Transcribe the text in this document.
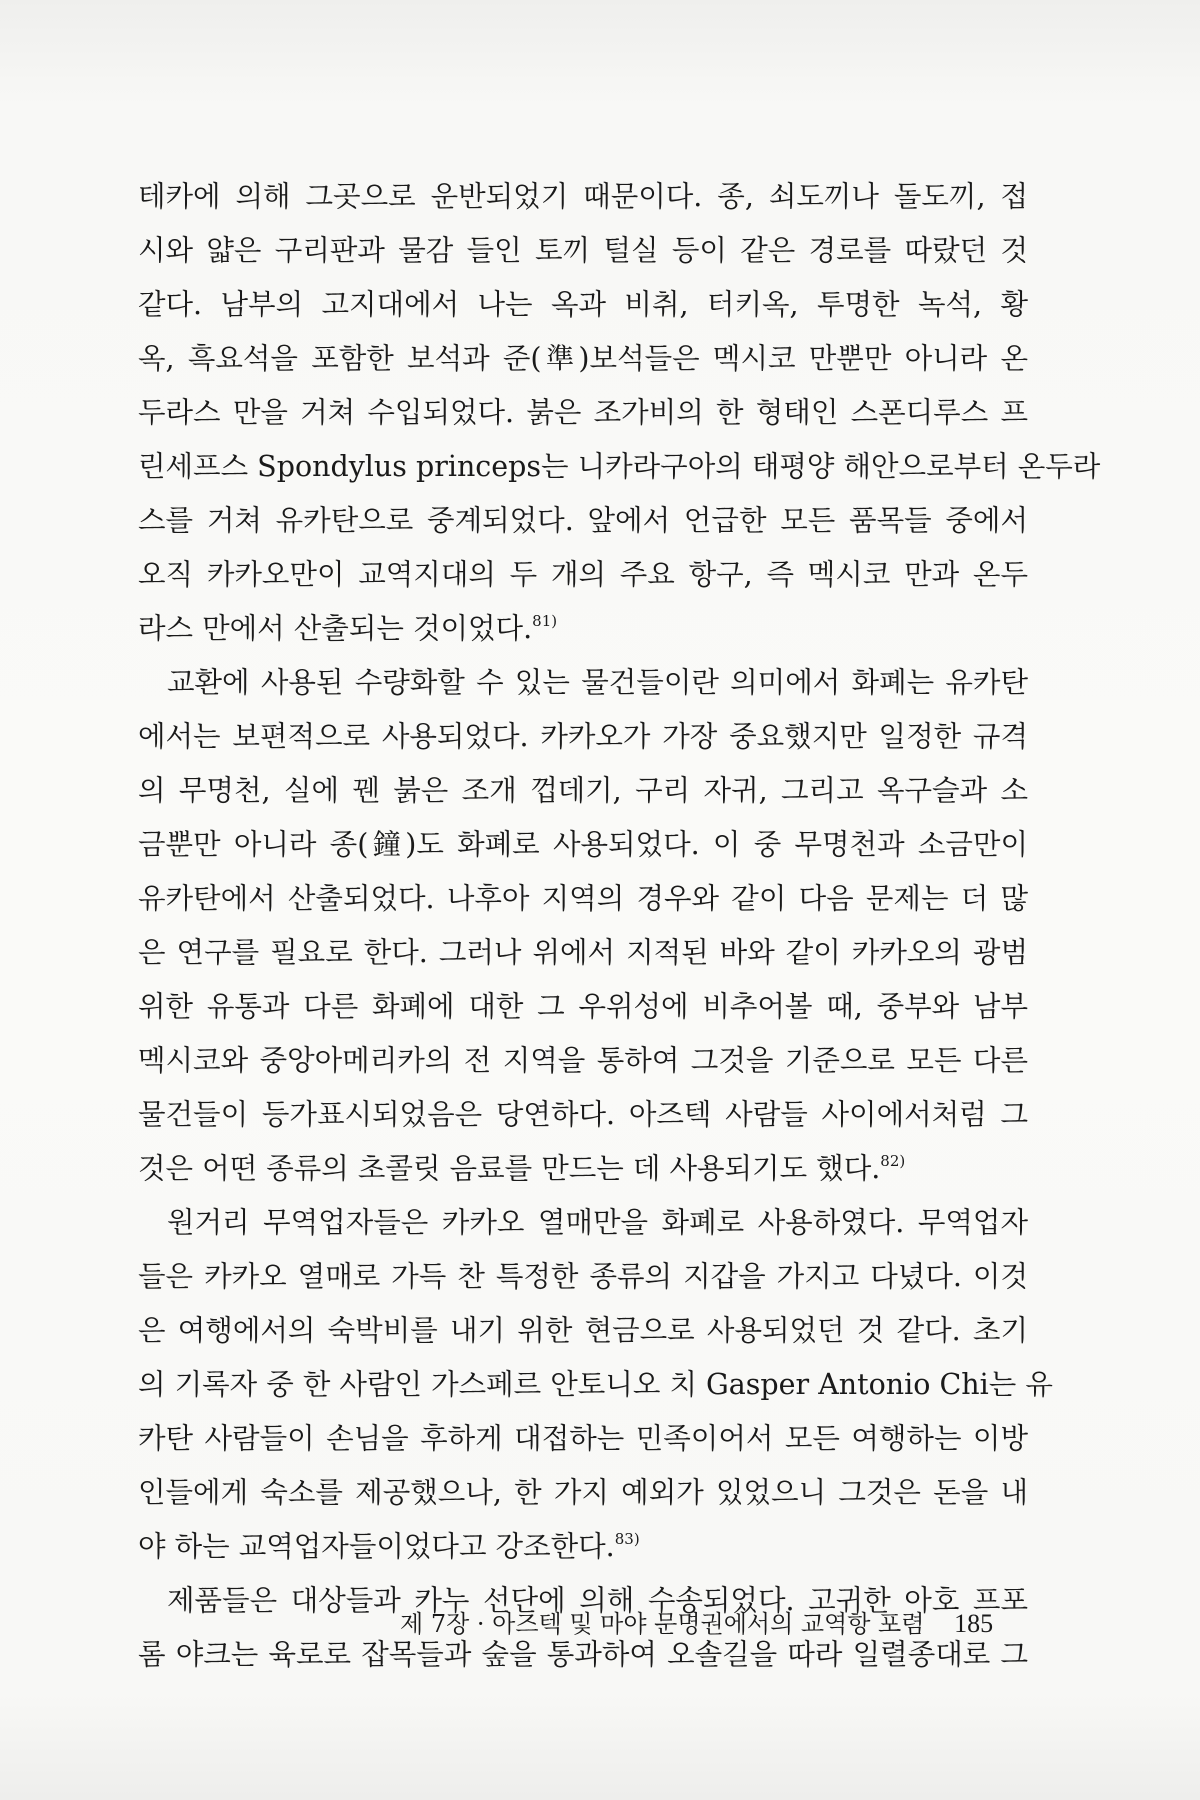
테카에 의해 그곳으로 운반되었기 때문이다. 종, 쇠도끼나 돌도끼, 접
시와 얇은 구리판과 물감 들인 토끼 털실 등이 같은 경로를 따랐던 것
같다. 남부의 고지대에서 나는 옥과 비취, 터키옥, 투명한 녹석, 황
옥, 흑요석을 포함한 보석과 준(準)보석들은 멕시코 만뿐만 아니라 온
두라스 만을 거쳐 수입되었다. 붉은 조가비의 한 형태인 스폰디루스 프
린세프스 Spondylus princeps는 니카라구아의 태평양 해안으로부터 온두라
스를 거쳐 유카탄으로 중계되었다. 앞에서 언급한 모든 품목들 중에서
오직 카카오만이 교역지대의 두 개의 주요 항구, 즉 멕시코 만과 온두
라스 만에서 산출되는 것이었다.$^{81)}$
교환에 사용된 수량화할 수 있는 물건들이란 의미에서 화폐는 유카탄
에서는 보편적으로 사용되었다. 카카오가 가장 중요했지만 일정한 규격
의 무명천, 실에 꿴 붉은 조개 껍데기, 구리 자귀, 그리고 옥구슬과 소
금뿐만 아니라 종(鐘)도 화폐로 사용되었다. 이 중 무명천과 소금만이
유카탄에서 산출되었다. 나후아 지역의 경우와 같이 다음 문제는 더 많
은 연구를 필요로 한다. 그러나 위에서 지적된 바와 같이 카카오의 광범
위한 유통과 다른 화폐에 대한 그 우위성에 비추어볼 때, 중부와 남부
멕시코와 중앙아메리카의 전 지역을 통하여 그것을 기준으로 모든 다른
물건들이 등가표시되었음은 당연하다. 아즈텍 사람들 사이에서처럼 그
것은 어떤 종류의 초콜릿 음료를 만드는 데 사용되기도 했다.$^{82)}$
원거리 무역업자들은 카카오 열매만을 화폐로 사용하였다. 무역업자
들은 카카오 열매로 가득 찬 특정한 종류의 지갑을 가지고 다녔다. 이것
은 여행에서의 숙박비를 내기 위한 현금으로 사용되었던 것 같다. 초기
의 기록자 중 한 사람인 가스페르 안토니오 치 Gasper Antonio Chi는 유
카탄 사람들이 손님을 후하게 대접하는 민족이어서 모든 여행하는 이방
인들에게 숙소를 제공했으나, 한 가지 예외가 있었으니 그것은 돈을 내
야 하는 교역업자들이었다고 강조한다.$^{83)}$
제품들은 대상들과 카누 선단에 의해 수송되었다. 고귀한 아호 프포
롬 야크는 육로로 잡목들과 숲을 통과하여 오솔길을 따라 일렬종대로 그
제 7장 · 아즈텍 및 마야 문명권에서의 교역항 포렴 185
